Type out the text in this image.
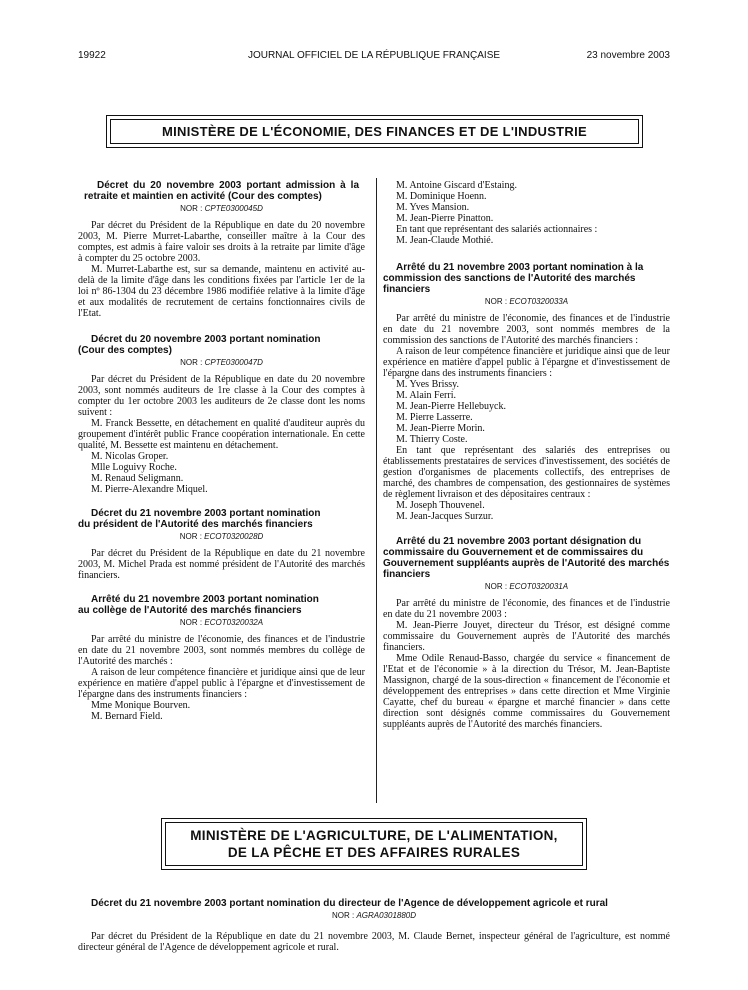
19922	JOURNAL OFFICIEL DE LA RÉPUBLIQUE FRANÇAISE	23 novembre 2003
MINISTÈRE DE L'ÉCONOMIE, DES FINANCES ET DE L'INDUSTRIE

Décret du 20 novembre 2003 portant admission à la retraite et maintien en activité (Cour des comptes)

NOR : CPTE0300045D

Par décret du Président de la République en date du 20 novembre 2003, M. Pierre Murret-Labarthe, conseiller maître à la Cour des comptes, est admis à faire valoir ses droits à la retraite par limite d'âge à compter du 25 octobre 2003.

M. Murret-Labarthe est, sur sa demande, maintenu en activité au-delà de la limite d'âge dans les conditions fixées par l'article 1er de la loi nº 86-1304 du 23 décembre 1986 modifiée relative à la limite d'âge et aux modalités de recrutement de certains fonctionnaires civils de l'Etat.

Décret du 20 novembre 2003 portant nomination
(Cour des comptes)

NOR : CPTE0300047D

Par décret du Président de la République en date du 20 novembre 2003, sont nommés auditeurs de 1re classe à la Cour des comptes à compter du 1er octobre 2003 les auditeurs de 2e classe dont les noms suivent :

M. Franck Bessette, en détachement en qualité d'auditeur auprès du groupement d'intérêt public France coopération internationale. En cette qualité, M. Bessette est maintenu en détachement.

M. Nicolas Groper.

Mlle Loguivy Roche.

M. Renaud Seligmann.

M. Pierre-Alexandre Miquel.

Décret du 21 novembre 2003 portant nomination
du président de l'Autorité des marchés financiers

NOR : ECOT0320028D

Par décret du Président de la République en date du 21 novembre 2003, M. Michel Prada est nommé président de l'Autorité des marchés financiers.

Arrêté du 21 novembre 2003 portant nomination
au collège de l'Autorité des marchés financiers

NOR : ECOT0320032A

Par arrêté du ministre de l'économie, des finances et de l'industrie en date du 21 novembre 2003, sont nommés membres du collège de l'Autorité des marchés :

A raison de leur compétence financière et juridique ainsi que de leur expérience en matière d'appel public à l'épargne et d'investissement de l'épargne dans des instruments financiers :

Mme Monique Bourven.

M. Bernard Field.

M. Antoine Giscard d'Estaing.

M. Dominique Hoenn.

M. Yves Mansion.

M. Jean-Pierre Pinatton.

En tant que représentant des salariés actionnaires :

M. Jean-Claude Mothié.

Arrêté du 21 novembre 2003 portant nomination à la commission des sanctions de l'Autorité des marchés financiers

NOR : ECOT0320033A

Par arrêté du ministre de l'économie, des finances et de l'industrie en date du 21 novembre 2003, sont nommés membres de la commission des sanctions de l'Autorité des marchés financiers :

A raison de leur compétence financière et juridique ainsi que de leur expérience en matière d'appel public à l'épargne et d'investissement de l'épargne dans des instruments financiers :

M. Yves Brissy.

M. Alain Ferri.

M. Jean-Pierre Hellebuyck.

M. Pierre Lasserre.

M. Jean-Pierre Morin.

M. Thierry Coste.

En tant que représentant des salariés des entreprises ou établissements prestataires de services d'investissement, des sociétés de gestion d'organismes de placements collectifs, des entreprises de marché, des chambres de compensation, des gestionnaires de systèmes de règlement livraison et des dépositaires centraux :

M. Joseph Thouvenel.

M. Jean-Jacques Surzur.

Arrêté du 21 novembre 2003 portant désignation du commissaire du Gouvernement et de commissaires du Gouvernement suppléants auprès de l'Autorité des marchés financiers

NOR : ECOT0320031A

Par arrêté du ministre de l'économie, des finances et de l'industrie en date du 21 novembre 2003 :

M. Jean-Pierre Jouyet, directeur du Trésor, est désigné comme commissaire du Gouvernement auprès de l'Autorité des marchés financiers.

Mme Odile Renaud-Basso, chargée du service « financement de l'Etat et de l'économie » à la direction du Trésor, M. Jean-Baptiste Massignon, chargé de la sous-direction « financement de l'économie et développement des entreprises » dans cette direction et Mme Virginie Cayatte, chef du bureau « épargne et marché financier » dans cette direction sont désignés comme commissaires du Gouvernement suppléants auprès de l'Autorité des marchés financiers.

MINISTÈRE DE L'AGRICULTURE, DE L'ALIMENTATION,
DE LA PÊCHE ET DES AFFAIRES RURALES

Décret du 21 novembre 2003 portant nomination du directeur de l'Agence de développement agricole et rural

NOR : AGRA0301880D

Par décret du Président de la République en date du 21 novembre 2003, M. Claude Bernet, inspecteur général de l'agriculture, est nommé directeur général de l'Agence de développement agricole et rural.
